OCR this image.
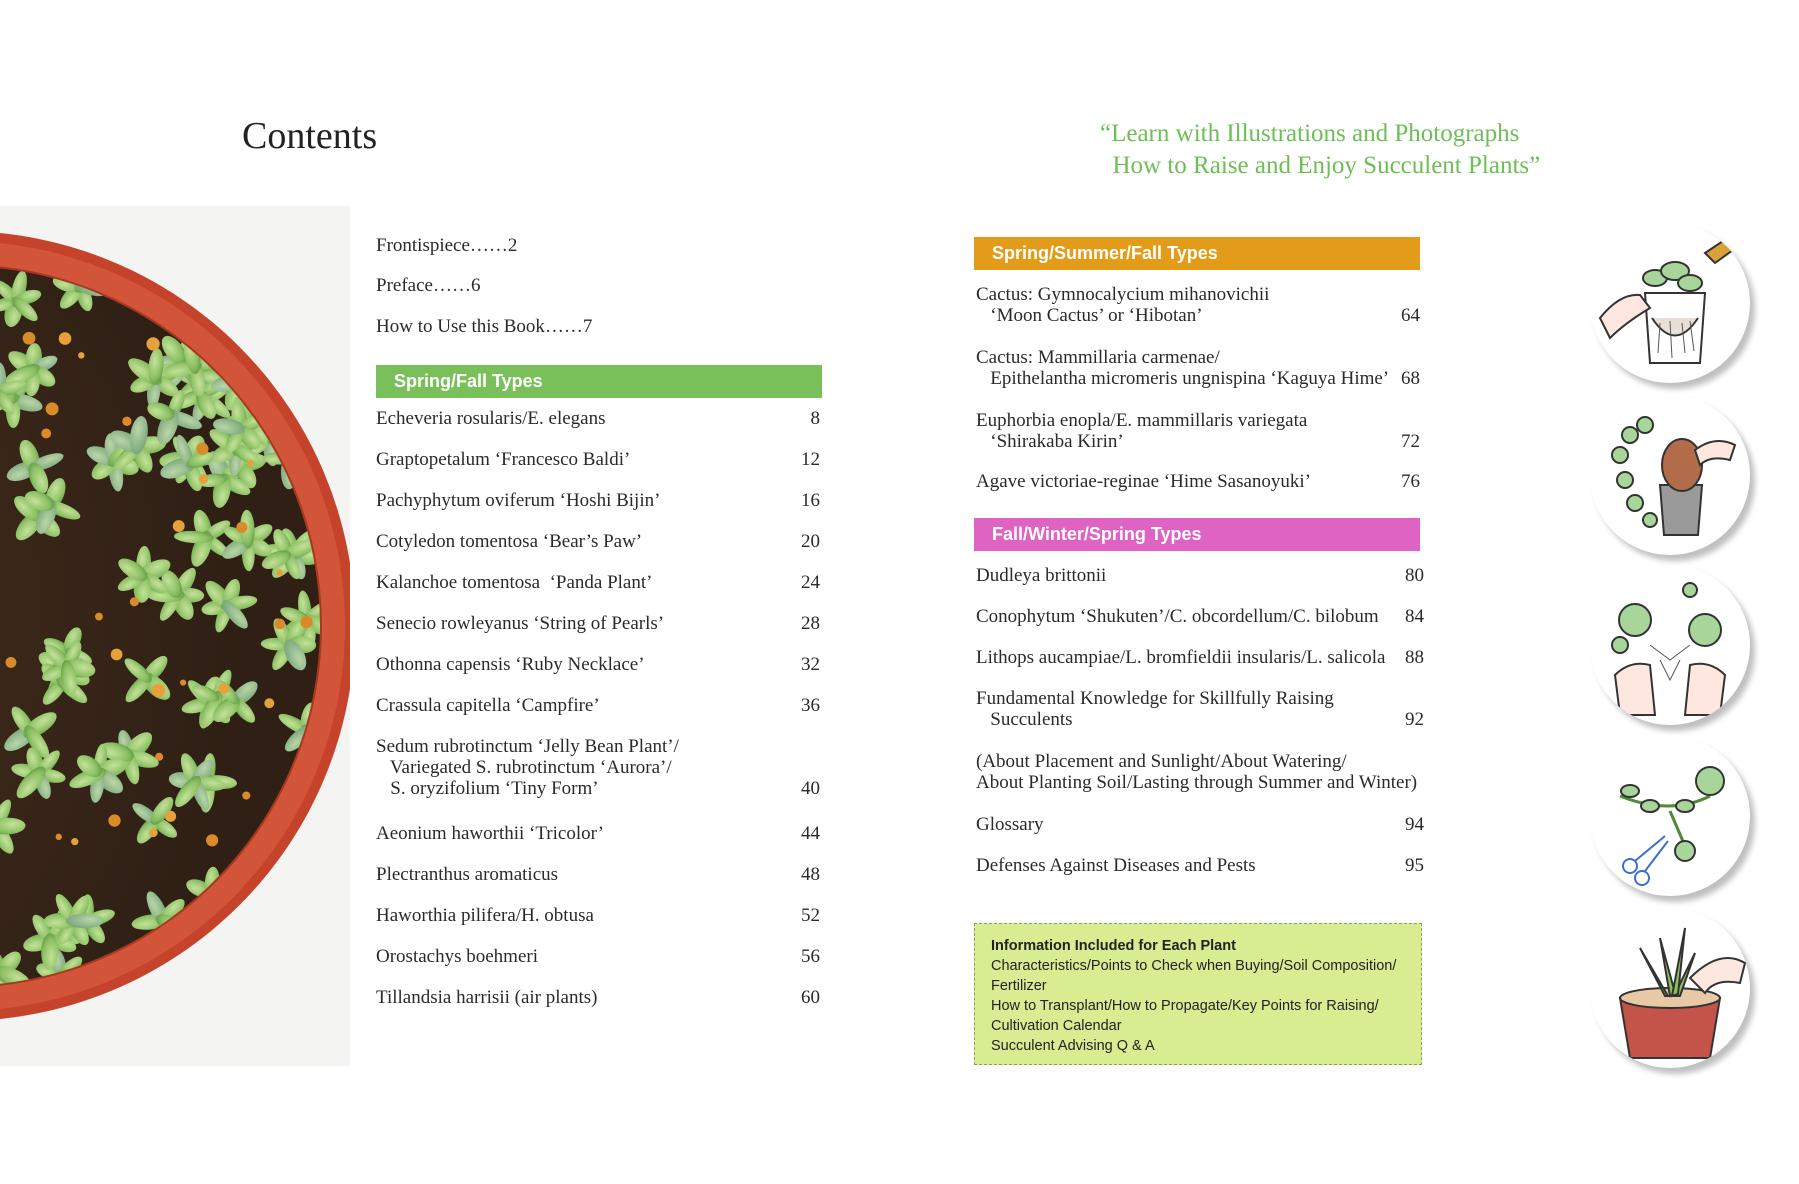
Contents	“Learn with Illustrations and Photographs
How to Raise and Enjoy Succulent Plants”
Frontispiece……2
Preface……6
How to Use this Book……7
Spring/Fall Types
Echeveria rosularis/E. elegans	8
Graptopetalum ‘Francesco Baldi’	12
Pachyphytum oviferum ‘Hoshi Bijin’	16
Cotyledon tomentosa ‘Bear’s Paw’	20
Kalanchoe tomentosa  ‘Panda Plant’	24
Senecio rowleyanus ‘String of Pearls’	28
Othonna capensis ‘Ruby Necklace’	32
Crassula capitella ‘Campfire’	36
Sedum rubrotinctum ‘Jelly Bean Plant’/
Variegated S. rubrotinctum ‘Aurora’/
S. oryzifolium ‘Tiny Form’	40
Aeonium haworthii ‘Tricolor’	44
Plectranthus aromaticus	48
Haworthia pilifera/H. obtusa	52
Orostachys boehmeri	56
Tillandsia harrisii (air plants)	60
Spring/Summer/Fall Types
Cactus: Gymnocalycium mihanovichii
‘Moon Cactus’ or ‘Hibotan’	64
Cactus: Mammillaria carmenae/
Epithelantha micromeris ungnispina ‘Kaguya Hime’ 68
Euphorbia enopla/E. mammillaris variegata
‘Shirakaba Kirin’	72
Agave victoriae-reginae ‘Hime Sasanoyuki’	76
Fall/Winter/Spring Types
Dudleya brittonii	80
Conophytum ‘Shukuten’/C. obcordellum/C. bilobum	84
Lithops aucampiae/L. bromfieldii insularis/L. salicola	88
Fundamental Knowledge for Skillfully Raising
Succulents	92
(About Placement and Sunlight/About Watering/
About Planting Soil/Lasting through Summer and Winter)
Glossary	94
Defenses Against Diseases and Pests	95
Information Included for Each Plant
Characteristics/Points to Check when Buying/Soil Composition/
Fertilizer
How to Transplant/How to Propagate/Key Points for Raising/
Cultivation Calendar
Succulent Advising Q & A
